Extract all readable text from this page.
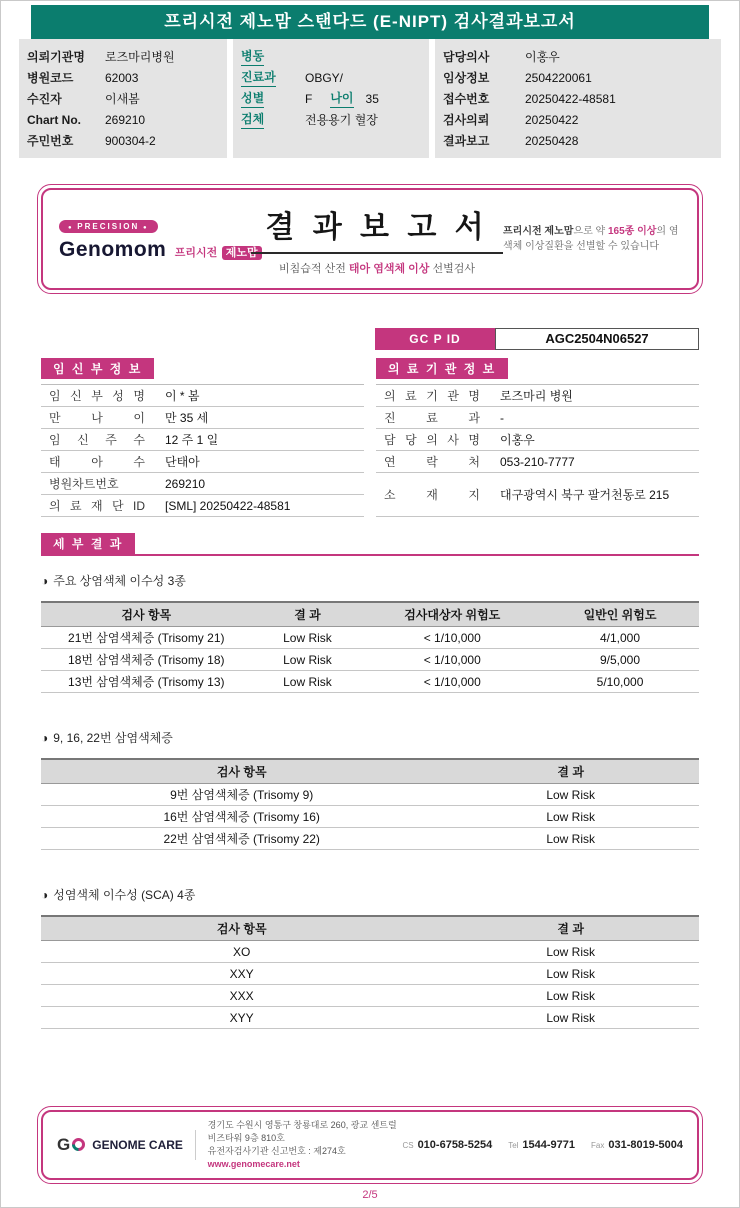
프리시전 제노맘 스탠다드 (E-NIPT) 검사결과보고서
의뢰기관명	로즈마리병원
병원코드	62003
수진자	이새봄
Chart No.	269210
주민번호	900304-2
병동
진료과	OBGY/
성별	F 나이 35
검체	전용용기 혈장
담당의사	이홍우
임상정보	2504220061
접수번호	20250422-48581
검사의뢰	20250422
결과보고	20250428
● PRECISION ●
Genomom 프리시전 제노맘
결 과 보 고 서
비침습적 산전 태아 염색체 이상 선별검사
프리시전 제노맘으로 약 165종 이상의 염색체 이상질환을 선별할 수 있습니다
GC P ID	AGC2504N06527
임 신 부 정 보
임 신 부 성 명	이 * 봄
만 나 이	만 35 세
임 신 주 수	12 주 1 일
태 아 수	단태아
병원차트번호	269210
의 료 재 단 ID	[SML] 20250422-48581
의 료 기 관 정 보
의 료 기 관 명	로즈마리 병원
진 료 과	-
담 당 의 사 명	이홍우
연 락 처	053-210-7777
소 재 지	대구광역시 북구 팔거천동로 215
세 부 결 과
◑ 주요 상염색체 이수성 3종
검사 항목	결 과	검사대상자 위험도	일반인 위험도
21번 삼염색체증 (Trisomy 21)	Low Risk	< 1/10,000	4/1,000
18번 삼염색체증 (Trisomy 18)	Low Risk	< 1/10,000	9/5,000
13번 삼염색체증 (Trisomy 13)	Low Risk	< 1/10,000	5/10,000
◑ 9, 16, 22번 삼염색체증
검사 항목	결 과
9번 삼염색체증 (Trisomy 9)	Low Risk
16번 삼염색체증 (Trisomy 16)	Low Risk
22번 삼염색체증 (Trisomy 22)	Low Risk
◑ 성염색체 이수성 (SCA) 4종
검사 항목	결 과
XO	Low Risk
XXY	Low Risk
XXX	Low Risk
XYY	Low Risk
G GENOME CARE
경기도 수원시 영통구 창룡대로 260, 광교 센트럴비즈타워 9층 810호
유전자검사기관 신고번호 : 제274호
www.genomecare.net
CS 010-6758-5254 Tel 1544-9771 Fax 031-8019-5004
2/5
